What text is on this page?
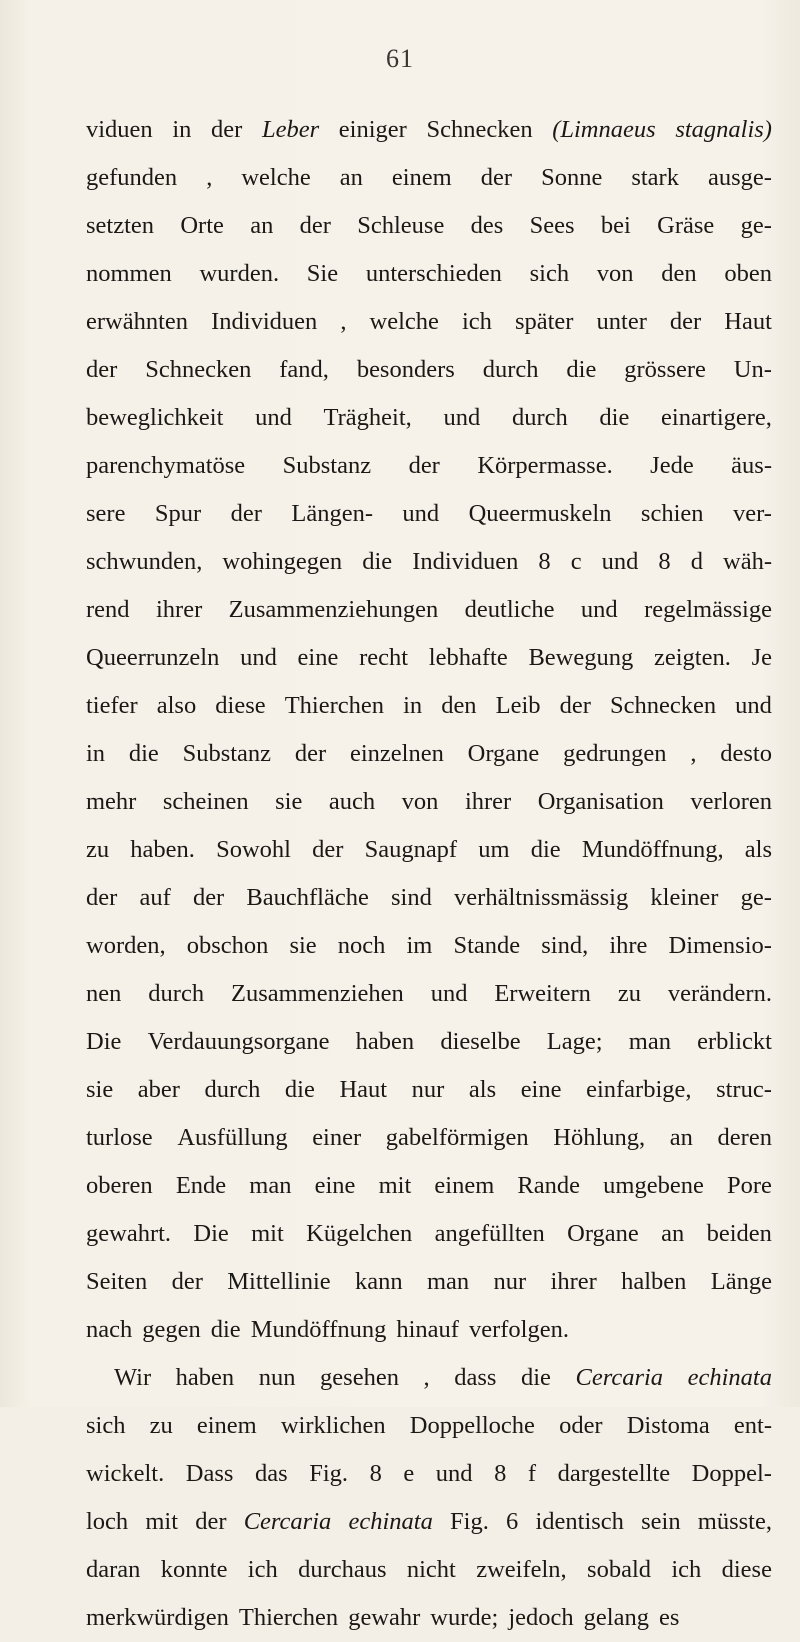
61
viduen in der Leber einiger Schnecken (Limnaeus stagnalis)
gefunden , welche an einem der Sonne stark ausge-
setzten Orte an der Schleuse des Sees bei Gräse ge-
nommen wurden. Sie unterschieden sich von den oben
erwähnten Individuen , welche ich später unter der Haut
der Schnecken fand, besonders durch die grössere Un-
beweglichkeit und Trägheit, und durch die einartigere,
parenchymatöse Substanz der Körpermasse. Jede äus-
sere Spur der Längen- und Queermuskeln schien ver-
schwunden, wohingegen die Individuen 8 c und 8 d wäh-
rend ihrer Zusammenziehungen deutliche und regelmässige
Queerrunzeln und eine recht lebhafte Bewegung zeigten. Je
tiefer also diese Thierchen in den Leib der Schnecken und
in die Substanz der einzelnen Organe gedrungen , desto
mehr scheinen sie auch von ihrer Organisation verloren
zu haben. Sowohl der Saugnapf um die Mundöffnung, als
der auf der Bauchfläche sind verhältnissmässig kleiner ge-
worden, obschon sie noch im Stande sind, ihre Dimensio-
nen durch Zusammenziehen und Erweitern zu verändern.
Die Verdauungsorgane haben dieselbe Lage; man erblickt
sie aber durch die Haut nur als eine einfarbige, struc-
turlose Ausfüllung einer gabelförmigen Höhlung, an deren
oberen Ende man eine mit einem Rande umgebene Pore
gewahrt. Die mit Kügelchen angefüllten Organe an beiden
Seiten der Mittellinie kann man nur ihrer halben Länge
nach gegen die Mundöffnung hinauf verfolgen.
Wir haben nun gesehen , dass die Cercaria echinata
sich zu einem wirklichen Doppelloche oder Distoma ent-
wickelt. Dass das Fig. 8 e und 8 f dargestellte Doppel-
loch mit der Cercaria echinata Fig. 6 identisch sein müsste,
daran konnte ich durchaus nicht zweifeln, sobald ich diese
merkwürdigen Thierchen gewahr wurde; jedoch gelang es
